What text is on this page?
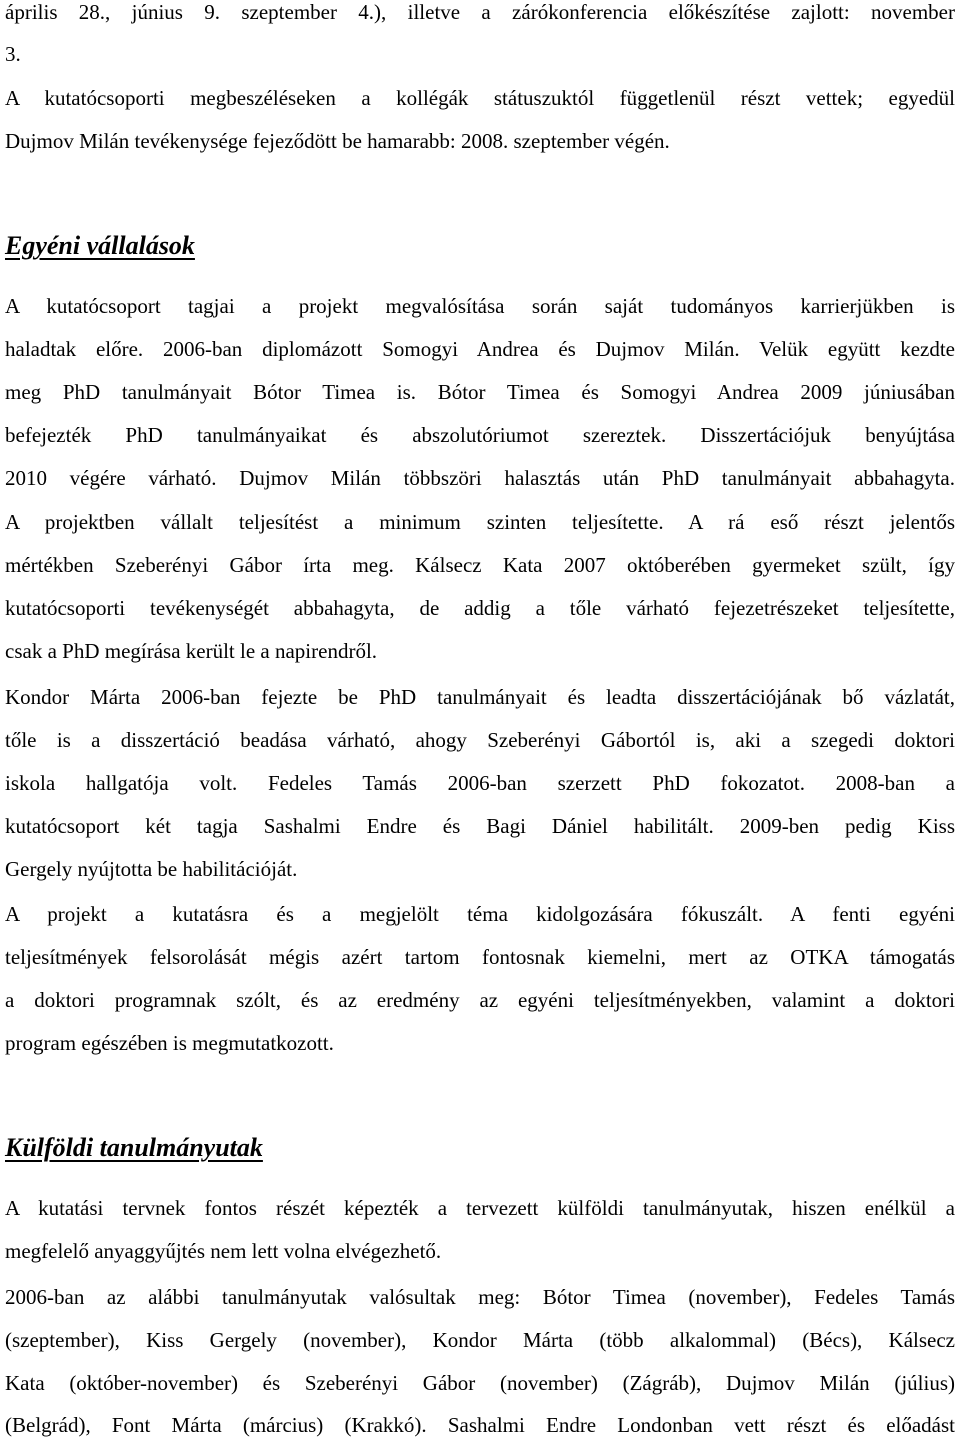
április 28., június 9. szeptember 4.), illetve a zárókonferencia előkészítése zajlott: november
3.
A kutatócsoporti megbeszéléseken a kollégák státuszuktól függetlenül részt vettek; egyedül
Dujmov Milán tevékenysége fejeződött be hamarabb: 2008. szeptember végén.
Egyéni vállalások
A kutatócsoport tagjai a projekt megvalósítása során saját tudományos karrierjükben is
haladtak előre. 2006-ban diplomázott Somogyi Andrea és Dujmov Milán. Velük együtt kezdte
meg PhD tanulmányait Bótor Timea is. Bótor Timea és Somogyi Andrea 2009 júniusában
befejezték PhD tanulmányaikat és abszolutóriumot szereztek. Disszertációjuk benyújtása
2010 végére várható. Dujmov Milán többszöri halasztás után PhD tanulmányait abbahagyta.
A projektben vállalt teljesítést a minimum szinten teljesítette. A rá eső részt jelentős
mértékben Szeberényi Gábor írta meg. Kálsecz Kata 2007 októberében gyermeket szült, így
kutatócsoporti tevékenységét abbahagyta, de addig a tőle várható fejezetrészeket teljesítette,
csak a PhD megírása került le a napirendről.
Kondor Márta 2006-ban fejezte be PhD tanulmányait és leadta disszertációjának bő vázlatát,
tőle is a disszertáció beadása várható, ahogy Szeberényi Gábortól is, aki a szegedi doktori
iskola hallgatója volt. Fedeles Tamás 2006-ban szerzett PhD fokozatot. 2008-ban a
kutatócsoport két tagja Sashalmi Endre és Bagi Dániel habilitált. 2009-ben pedig Kiss
Gergely nyújtotta be habilitációját.
A projekt a kutatásra és a megjelölt téma kidolgozására fókuszált. A fenti egyéni
teljesítmények felsorolását mégis azért tartom fontosnak kiemelni, mert az OTKA támogatás
a doktori programnak szólt, és az eredmény az egyéni teljesítményekben, valamint a doktori
program egészében is megmutatkozott.
Külföldi tanulmányutak
A kutatási tervnek fontos részét képezték a tervezett külföldi tanulmányutak, hiszen enélkül a
megfelelő anyaggyűjtés nem lett volna elvégezhető.
2006-ban az alábbi tanulmányutak valósultak meg: Bótor Timea (november), Fedeles Tamás
(szeptember), Kiss Gergely (november), Kondor Márta (több alkalommal) (Bécs), Kálsecz
Kata (október-november) és Szeberényi Gábor (november) (Zágráb), Dujmov Milán (július)
(Belgrád), Font Márta (március) (Krakkó). Sashalmi Endre Londonban vett részt és előadást
